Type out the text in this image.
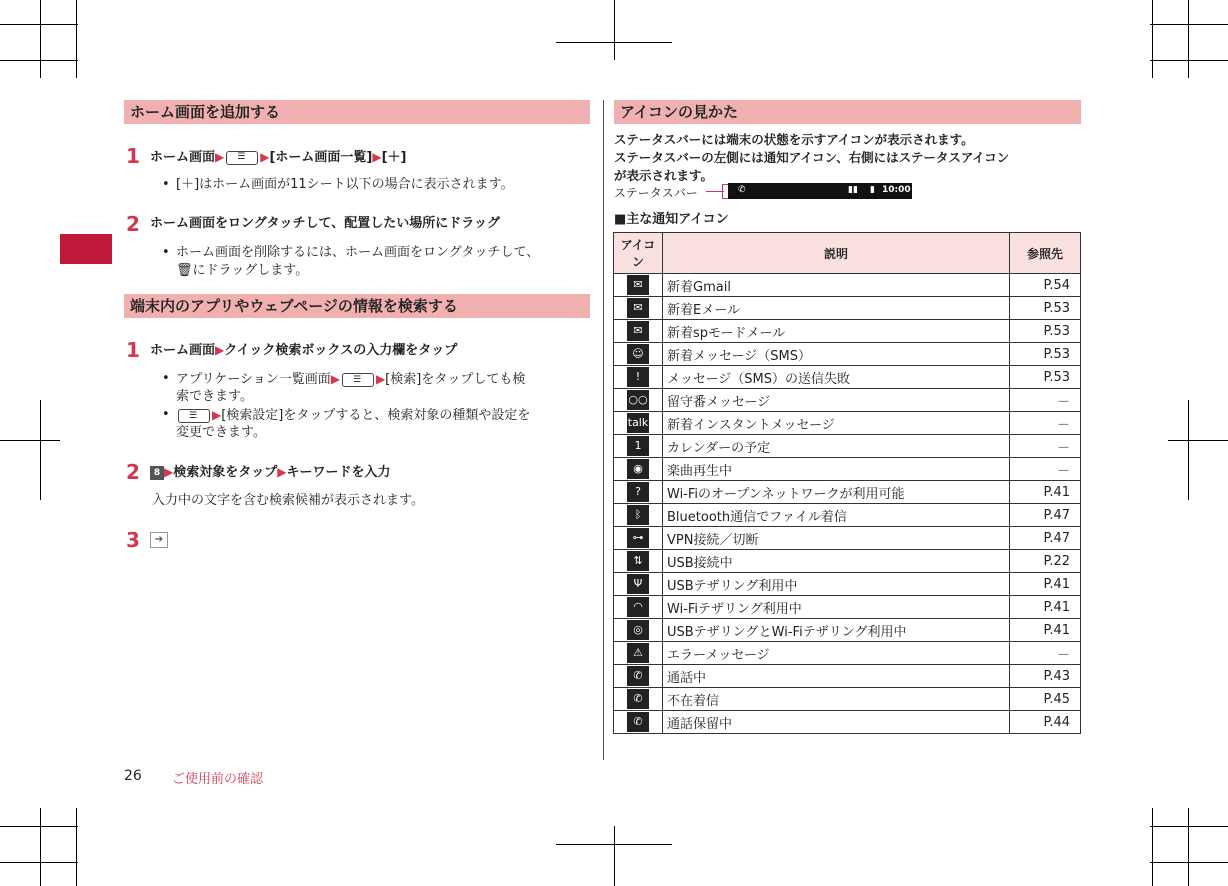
ホーム画面を追加する
1 ホーム画面▶ ☰	▶[ホーム画面一覧]▶[＋]
• [＋]はホーム画面が11シート以下の場合に表示されます。
2 ホーム画面をロングタッチして、配置したい場所にドラッグ
• ホーム画面を削除するには、ホーム画面をロングタッチして、
🗑にドラッグします。
端末内のアプリやウェブページの情報を検索する
1 ホーム画面▶クイック検索ボックスの入力欄をタップ
• アプリケーション一覧画面▶ ☰	▶[検索]をタップしても検
索できます。
• ☰	▶[検索設定]をタップすると、検索対象の種類や設定を
変更できます。
2	8 ▶検索対象をタップ▶キーワードを入力
入力中の文字を含む検索候補が表示されます。
3	➔
26 ご使用前の確認
アイコンの見かた
ステータスバーには端末の状態を示すアイコンが表示されます。
ステータスバーの左側には通知アイコン、右側にはステータスアイコン
が表示されます。
ステータスバー	✆	▮▮ ▮ 10:00
■主な通知アイコン
アイコン	説明	参照先
✉	新着Gmail	P.54
✉	新着Eメール	P.53
✉	新着spモードメール	P.53
☺	新着メッセージ（SMS）	P.53
!	メッセージ（SMS）の送信失敗	P.53
○○	留守番メッセージ	－
talk	新着インスタントメッセージ	－
1	カレンダーの予定	－
◉	楽曲再生中	－
?	Wi-Fiのオープンネットワークが利用可能	P.41
ᛒ	Bluetooth通信でファイル着信	P.47
⊶	VPN接続／切断	P.47
⇅	USB接続中	P.22
Ψ	USBテザリング利用中	P.41
◠	Wi-Fiテザリング利用中	P.41
◎	USBテザリングとWi-Fiテザリング利用中	P.41
⚠	エラーメッセージ	－
✆	通話中	P.43
✆	不在着信	P.45
✆	通話保留中	P.44
